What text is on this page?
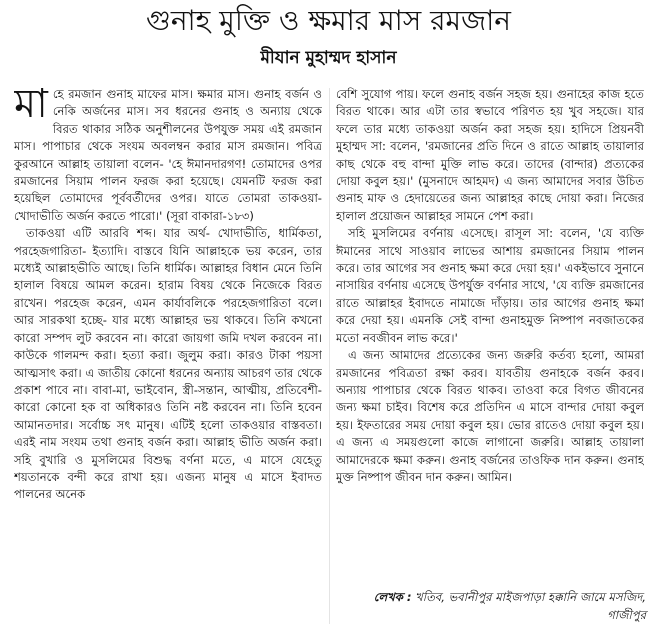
গুনাহ মুক্তি ও ক্ষমার মাস রমজান
মীযান মুহাম্মদ হাসান

মাহে রমজান গুনাহ মাফের মাস। ক্ষমার মাস। গুনাহ বর্জন ও নেকি অর্জনের মাস। সব ধরনের গুনাহ ও অন্যায় থেকে বিরত থাকার সঠিক অনুশীলনের উপযুক্ত সময় এই রমজান মাস। পাপাচার থেকে সংযম অবলম্বন করার মাস রমজান। পবিত্র কুরআনে আল্লাহ তায়ালা বলেন- 'হে ঈমানদারগণ! তোমাদের ওপর রমজানের সিয়াম পালন ফরজ করা হয়েছে। যেমনটি ফরজ করা হয়েছিল তোমাদের পূর্ববর্তীদের ওপর। যাতে তোমরা তাকওয়া-খোদাভীতি অর্জন করতে পারো।' (সূরা বাকারা-১৮৩)

তাকওয়া এটি আরবি শব্দ। যার অর্থ- খোদাভীতি, ধার্মিকতা, পরহেজগারিতা- ইত্যাদি। বাস্তবে যিনি আল্লাহকে ভয় করেন, তার মধ্যেই আল্লাহভীতি আছে। তিনি ধার্মিক। আল্লাহর বিধান মেনে তিনি হালাল বিষয়ে আমল করেন। হারাম বিষয় থেকে নিজেকে বিরত রাখেন। পরহেজ করেন, এমন কার্যাবলিকে পরহেজগারিতা বলে। আর সারকথা হচ্ছে- যার মধ্যে আল্লাহর ভয় থাকবে। তিনি কখনো কারো সম্পদ লুট করবেন না। কারো জায়গা জমি দখল করবেন না। কাউকে গালমন্দ করা। হত্যা করা। জুলুম করা। কারও টাকা পয়সা আত্মসাৎ করা। এ জাতীয় কোনো ধরনের অন্যায় আচরণ তার থেকে প্রকাশ পাবে না। বাবা-মা, ভাইবোন, স্ত্রী-সন্তান, আত্মীয়, প্রতিবেশী- কারো কোনো হক বা অধিকারও তিনি নষ্ট করবেন না। তিনি হবেন আমানতদার। সর্বোচ্চ সৎ মানুষ। এটিই হলো তাকওয়ার বাস্তবতা। এরই নাম সংযম তথা গুনাহ বর্জন করা। আল্লাহ ভীতি অর্জন করা। সহি বুখারি ও মুসলিমের বিশুদ্ধ বর্ণনা মতে, এ মাসে যেহেতু শয়তানকে বন্দী করে রাখা হয়। এজন্য মানুষ এ মাসে ইবাদত পালনের অনেক

বেশি সুযোগ পায়। ফলে গুনাহ বর্জন সহজ হয়। গুনাহের কাজ হতে বিরত থাকে। আর এটা তার স্বভাবে পরিণত হয় খুব সহজে। যার ফলে তার মধ্যে তাকওয়া অর্জন করা সহজ হয়। হাদিসে প্রিয়নবী মুহাম্মদ সা: বলেন, 'রমজানের প্রতি দিনে ও রাতে আল্লাহ তায়ালার কাছ থেকে বহু বান্দা মুক্তি লাভ করে। তাদের (বান্দার) প্রত্যকের দোয়া কবুল হয়।' (মুসনাদে আহমদ) এ জন্য আমাদের সবার উচিত গুনাহ মাফ ও হেদায়েতের জন্য আল্লাহর কাছে দোয়া করা। নিজের হালাল প্রয়োজন আল্লাহর সামনে পেশ করা।

সহি মুসলিমের বর্ণনায় এসেছে। রাসূল সা: বলেন, 'যে ব্যক্তি ঈমানের সাথে সাওয়াব লাভের আশায় রমজানের সিয়াম পালন করে। তার আগের সব গুনাহ ক্ষমা করে দেয়া হয়।' একইভাবে সুনানে নাসায়ির বর্ণনায় এসেছে উপর্যুক্ত বর্ণনার সাথে, 'যে ব্যক্তি রমজানের রাতে আল্লাহর ইবাদতে নামাজে দাঁড়ায়। তার আগের গুনাহ ক্ষমা করে দেয়া হয়। এমনকি সেই বান্দা গুনাহমুক্ত নিষ্পাপ নবজাতকের মতো নবজীবন লাভ করে।'

এ জন্য আমাদের প্রত্যেকের জন্য জরুরি কর্তব্য হলো, আমরা রমজানের পবিত্রতা রক্ষা করব। যাবতীয় গুনাহকে বর্জন করব। অন্যায় পাপাচার থেকে বিরত থাকব। তাওবা করে বিগত জীবনের জন্য ক্ষমা চাইব। বিশেষ করে প্রতিদিন এ মাসে বান্দার দোয়া কবুল হয়। ইফতারের সময় দোয়া কবুল হয়। ভোর রাতেও দোয়া কবুল হয়। এ জন্য এ সময়গুলো কাজে লাগানো জরুরি। আল্লাহ তায়ালা আমাদেরকে ক্ষমা করুন। গুনাহ বর্জনের তাওফিক দান করুন। গুনাহ মুক্ত নিষ্পাপ জীবন দান করুন। আমিন।

লেখক : খতিব, ভবানীপুর মাইজপাড়া হক্কানি জামে মসজিদ, গাজীপুর
